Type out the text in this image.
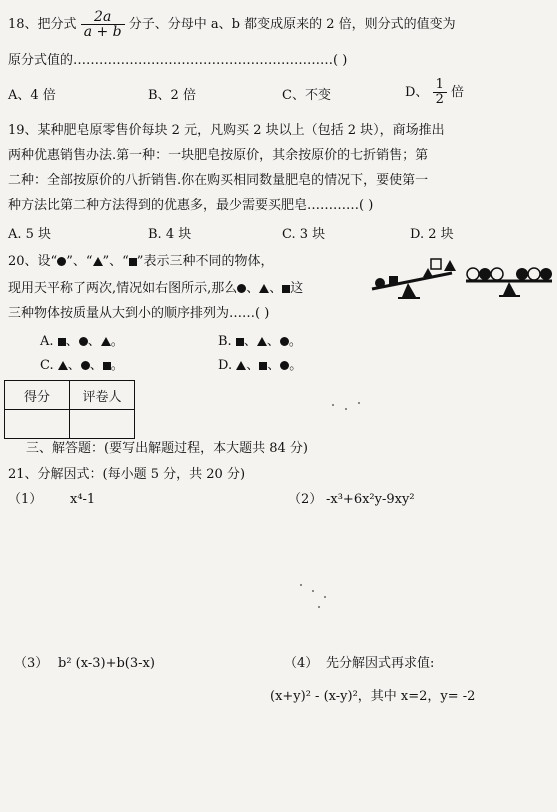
18、把分式 $\frac{2a}{a + b}$ 分子、分母中 a、b 都变成原来的 2 倍，则分式的值变为
原分式值的……………………………………………………( )
A、4 倍	B、2 倍	C、不变	D、 $\frac{1}{2}$ 倍
19、某种肥皂原零售价每块 2 元，凡购买 2 块以上（包括 2 块），商场推出
两种优惠销售办法.第一种：一块肥皂按原价，其余按原价的七折销售；第
二种：全部按原价的八折销售.你在购买相同数量肥皂的情况下，要使第一
种方法比第二种方法得到的优惠多，最少需要买肥皂…………( )
A. 5 块	B. 4 块	C. 3 块	D. 2 块
20、设“ ”、“ ”、“ ”表示三种不同的物体，
现用天平称了两次,情况如右图所示,那么 、 、 这
三种物体按质量从大到小的顺序排列为……( )
A. 、 、 。	B. 、 、 。
C. 、 、 。	D. 、 、 。
得分	评卷人

三、解答题：(要写出解题过程，本大题共 84 分)
21、分解因式：(每小题 5 分，共 20 分)
（1） x⁴-1	（2） -x³+6x²y-9xy²
（3） b² (x-3)+b(3-x)	（4） 先分解因式再求值:
(x+y)² - (x-y)²，其中 x=2，y= -2
